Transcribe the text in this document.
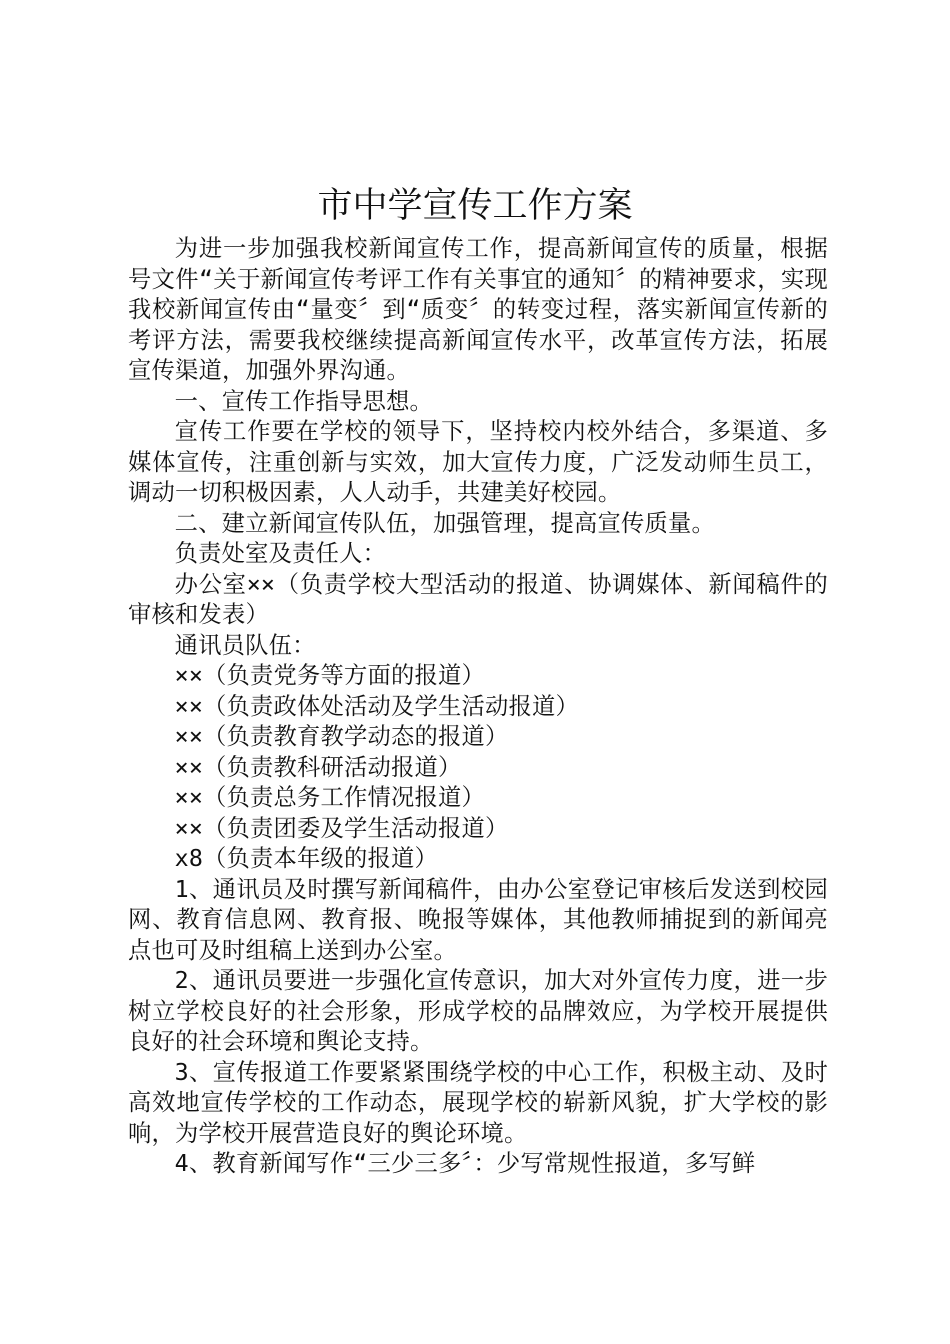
市中学宣传工作方案

为进一步加强我校新闻宣传工作，提高新闻宣传的质量，根据号文件“关于新闻宣传考评工作有关事宜的通知〞的精神要求，实现我校新闻宣传由“量变〞到“质变〞的转变过程，落实新闻宣传新的考评方法，需要我校继续提高新闻宣传水平，改革宣传方法，拓展宣传渠道，加强外界沟通。

一、宣传工作指导思想。

宣传工作要在学校的领导下，坚持校内校外结合，多渠道、多媒体宣传，注重创新与实效，加大宣传力度，广泛发动师生员工，调动一切积极因素，人人动手，共建美好校园。

二、建立新闻宣传队伍，加强管理，提高宣传质量。

负责处室及责任人：

办公室××（负责学校大型活动的报道、协调媒体、新闻稿件的审核和发表）

通讯员队伍：

××（负责党务等方面的报道）

××（负责政体处活动及学生活动报道）

××（负责教育教学动态的报道）

××（负责教科研活动报道）

××（负责总务工作情况报道）

××（负责团委及学生活动报道）

x8（负责本年级的报道）

1、通讯员及时撰写新闻稿件，由办公室登记审核后发送到校园网、教育信息网、教育报、晚报等媒体，其他教师捕捉到的新闻亮点也可及时组稿上送到办公室。

2、通讯员要进一步强化宣传意识，加大对外宣传力度，进一步树立学校良好的社会形象，形成学校的品牌效应，为学校开展提供良好的社会环境和舆论支持。

3、宣传报道工作要紧紧围绕学校的中心工作，积极主动、及时高效地宣传学校的工作动态，展现学校的崭新风貌，扩大学校的影响，为学校开展营造良好的舆论环境。

4、教育新闻写作“三少三多〞：少写常规性报道，多写鲜
